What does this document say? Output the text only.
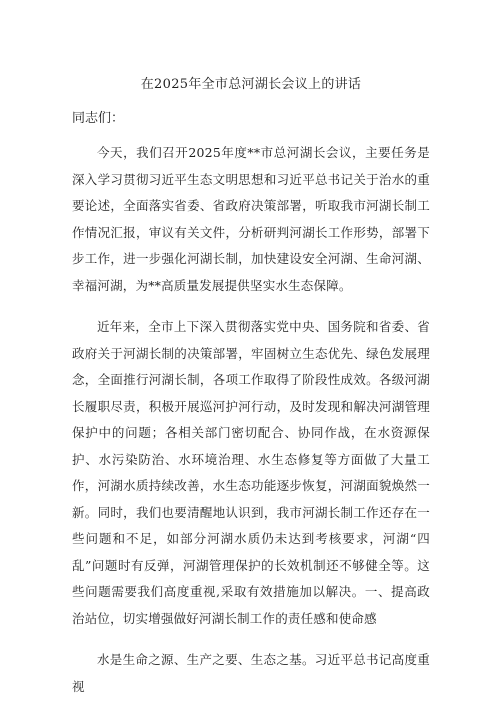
在2025年全市总河湖长会议上的讲话
同志们：

今天，我们召开2025年度**市总河湖长会议，主要任务是深入学习贯彻习近平生态文明思想和习近平总书记关于治水的重要论述，全面落实省委、省政府决策部署，听取我市河湖长制工作情况汇报，审议有关文件，分析研判河湖长工作形势，部署下步工作，进一步强化河湖长制，加快建设安全河湖、生命河湖、幸福河湖，为**高质量发展提供坚实水生态保障。

近年来，全市上下深入贯彻落实党中央、国务院和省委、省政府关于河湖长制的决策部署，牢固树立生态优先、绿色发展理念，全面推行河湖长制，各项工作取得了阶段性成效。各级河湖长履职尽责，积极开展巡河护河行动，及时发现和解决河湖管理保护中的问题；各相关部门密切配合、协同作战，在水资源保护、水污染防治、水环境治理、水生态修复等方面做了大量工作，河湖水质持续改善，水生态功能逐步恢复，河湖面貌焕然一新。同时，我们也要清醒地认识到，我市河湖长制工作还存在一些问题和不足，如部分河湖水质仍未达到考核要求，河湖“四乱”问题时有反弹，河湖管理保护的长效机制还不够健全等。这些问题需要我们高度重视,采取有效措施加以解决。一、提高政治站位，切实增强做好河湖长制工作的责任感和使命感

水是生命之源、生产之要、生态之基。习近平总书记高度重视
